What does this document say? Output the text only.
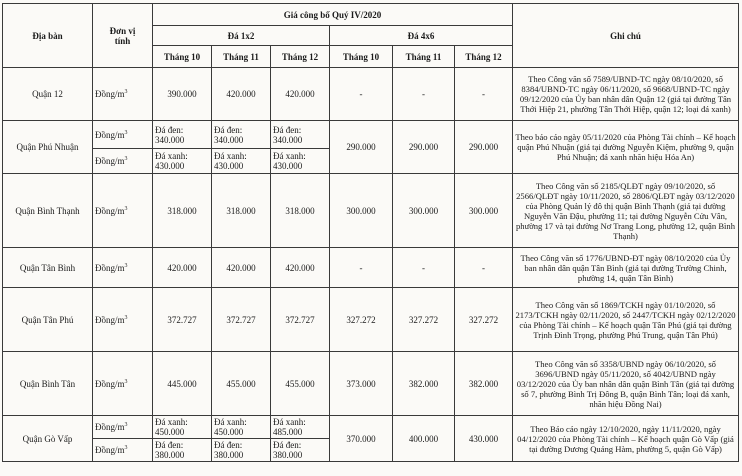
Địa bàn	Đơn vị tính	Giá công bố Quý IV/2020						Ghi chú
		Đá 1x2			Đá 4x6			
		Tháng 10	Tháng 11	Tháng 12	Tháng 10	Tháng 11	Tháng 12	
Quận 12	Đồng/$m^3$	390.000	420.000	420.000	-	-	-	Theo Công văn số 7589/UBND-TC ngày 08/10/2020, số 8384/UBND-TC ngày 06/11/2020, số 9668/UBND-TC ngày 09/12/2020 của Ủy ban nhân dân Quận 12 (giá tại đường Tân Thới Hiệp 21, phường Tân Thới Hiệp, quận 12; loại đá xanh)
Quận Phú Nhuận	Đồng/$m^3$	Đá đen: 340.000	Đá đen: 340.000	Đá đen: 340.000	290.000	290.000	290.000	Theo báo cáo ngày 05/11/2020 của Phòng Tài chính – Kế hoạch quận Phú Nhuận (giá tại đường Nguyễn Kiệm, phường 9, quận Phú Nhuận; đá xanh nhãn hiệu Hóa An)
	Đồng/$m^3$	Đá xanh: 430.000	Đá xanh: 430.000	Đá xanh: 430.000				
Quận Bình Thạnh	Đồng/$m^3$	318.000	318.000	318.000	300.000	300.000	300.000	Theo Công văn số 2185/QLĐT ngày 09/10/2020, số 2566/QLĐT ngày 10/11/2020, số 2806/QLĐT ngày 03/12/2020 của Phòng Quản lý đô thị quận Bình Thạnh (giá tại đường Nguyễn Văn Đậu, phường 11; tại đường Nguyễn Cửu Vân, phường 17 và tại đường Nơ Trang Long, phường 12, quận Bình Thạnh)
Quận Tân Bình	Đồng/$m^3$	420.000	420.000	420.000	-	-	-	Theo Công văn số 1776/UBND-ĐT ngày 08/10/2020 của Ủy ban nhân dân quận Tân Bình (giá tại đường Trường Chinh, phường 14, quận Tân Bình)
Quận Tân Phú	Đồng/$m^3$	372.727	372.727	372.727	327.272	327.272	327.272	Theo Công văn số 1869/TCKH ngày 01/10/2020, số 2173/TCKH ngày 02/11/2020, số 2447/TCKH ngày 02/12/2020 của Phòng Tài chính – Kế hoạch quận Tân Phú (giá tại đường Trịnh Đình Trọng, phường Phú Trung, quận Tân Phú)
Quận Bình Tân	Đồng/$m^3$	445.000	455.000	455.000	373.000	382.000	382.000	Theo Công văn số 3358/UBND ngày 06/10/2020, số 3696/UBND ngày 05/11/2020, số 4042/UBND ngày 03/12/2020 của Ủy ban nhân dân quận Bình Tân (giá tại đường số 7, phường Bình Trị Đông B, quận Bình Tân; loại đá xanh, nhãn hiệu Đồng Nai)
Quận Gò Vấp	Đồng/$m^3$	Đá xanh: 450.000	Đá xanh: 450.000	Đá xanh: 485.000	370.000	400.000	430.000	Theo Báo cáo ngày 12/10/2020, ngày 11/11/2020, ngày 04/12/2020 của Phòng Tài chính – Kế hoạch quận Gò Vấp (giá tại đường Dương Quảng Hàm, phường 5, quận Gò Vấp)
	Đồng/$m^3$	Đá đen: 380.000	Đá đen: 380.000	Đá đen: 380.000				
